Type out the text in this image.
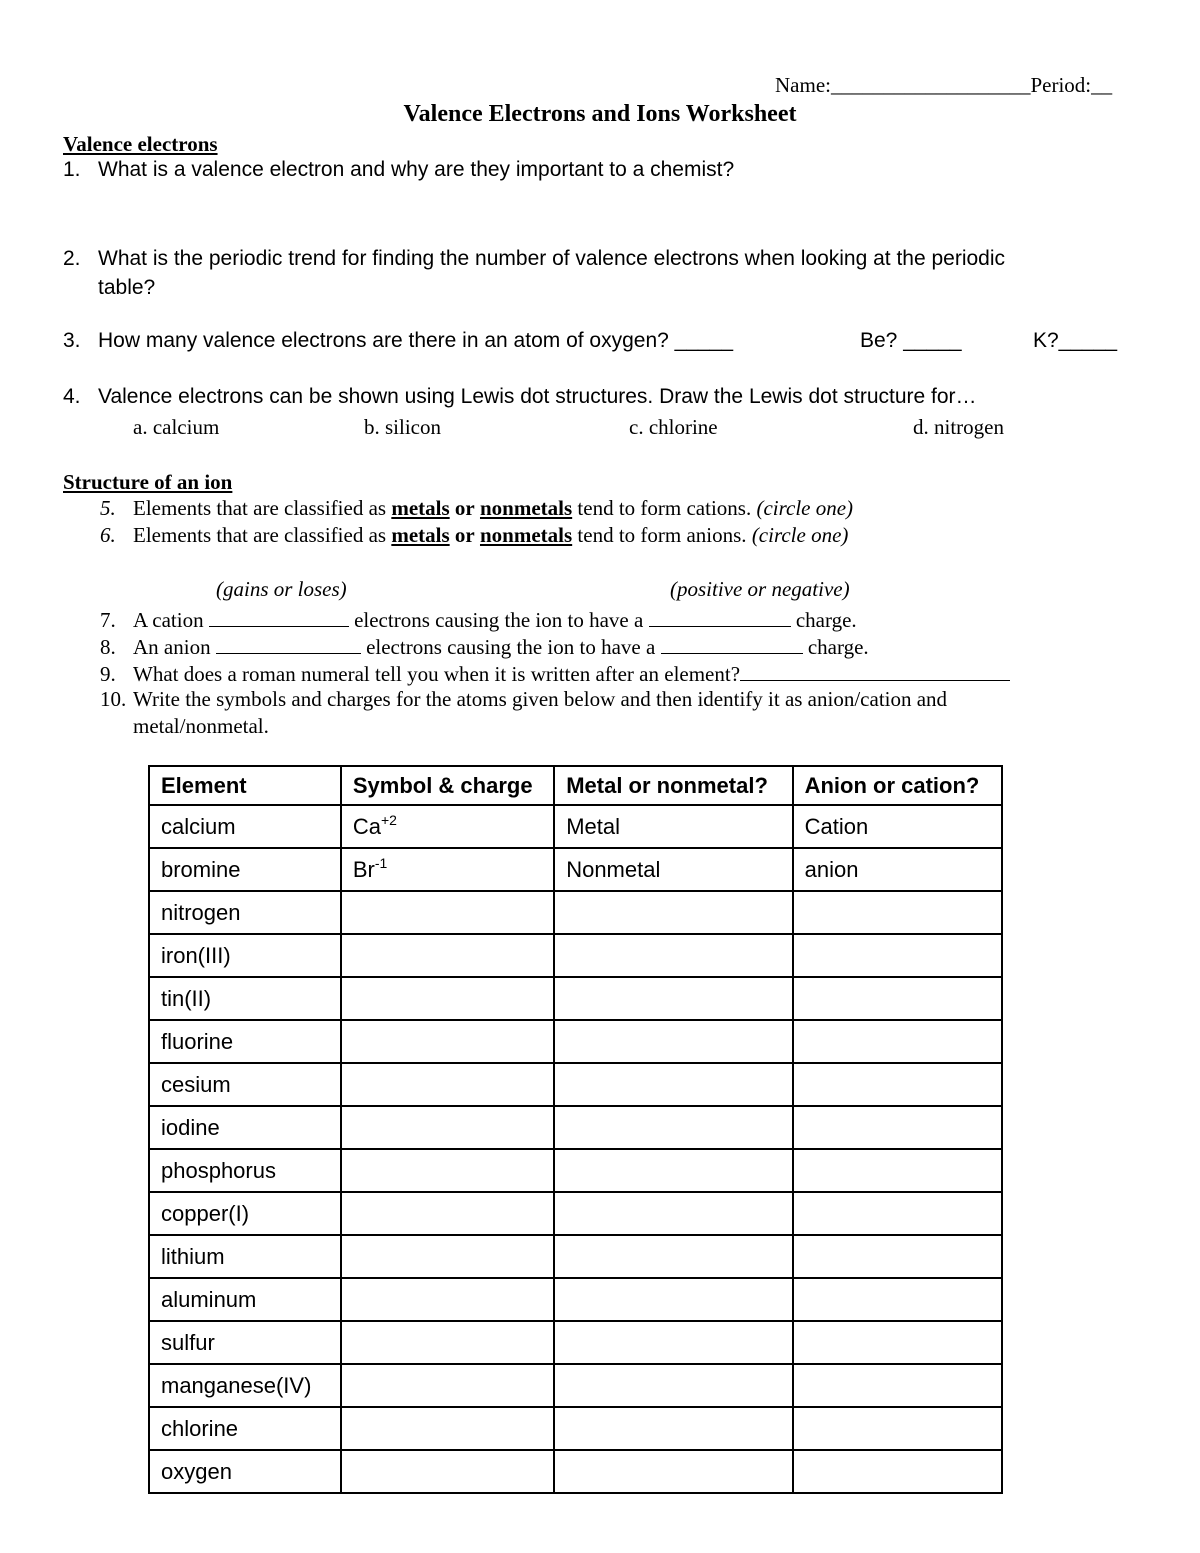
Name:___________________Period:__
Valence Electrons and Ions Worksheet
Valence electrons
1. What is a valence electron and why are they important to a chemist?
2. What is the periodic trend for finding the number of valence electrons when looking at the periodic
table?
3. How many valence electrons are there in an atom of oxygen? _____	Be? _____	K?_____
4. Valence electrons can be shown using Lewis dot structures. Draw the Lewis dot structure for…
a. calcium	b. silicon	c. chlorine	d. nitrogen
Structure of an ion
5. Elements that are classified as metals or nonmetals tend to form cations. (circle one)
6. Elements that are classified as metals or nonmetals tend to form anions. (circle one)
(gains or loses)	(positive or negative)
7. A cation	electrons causing the ion to have a	charge.
8. An anion	electrons causing the ion to have a	charge.
9. What does a roman numeral tell you when it is written after an element?
10. Write the symbols and charges for the atoms given below and then identify it as anion/cation and
metal/nonmetal.
Element	Symbol & charge	Metal or nonmetal?	Anion or cation?
calcium	$Ca^{+2}$	Metal	Cation
bromine	$Br^{-1}$	Nonmetal	anion
nitrogen			
iron(III)			
tin(II)			
fluorine			
cesium			
iodine			
phosphorus			
copper(I)			
lithium			
aluminum			
sulfur			
manganese(IV)			
chlorine			
oxygen			
